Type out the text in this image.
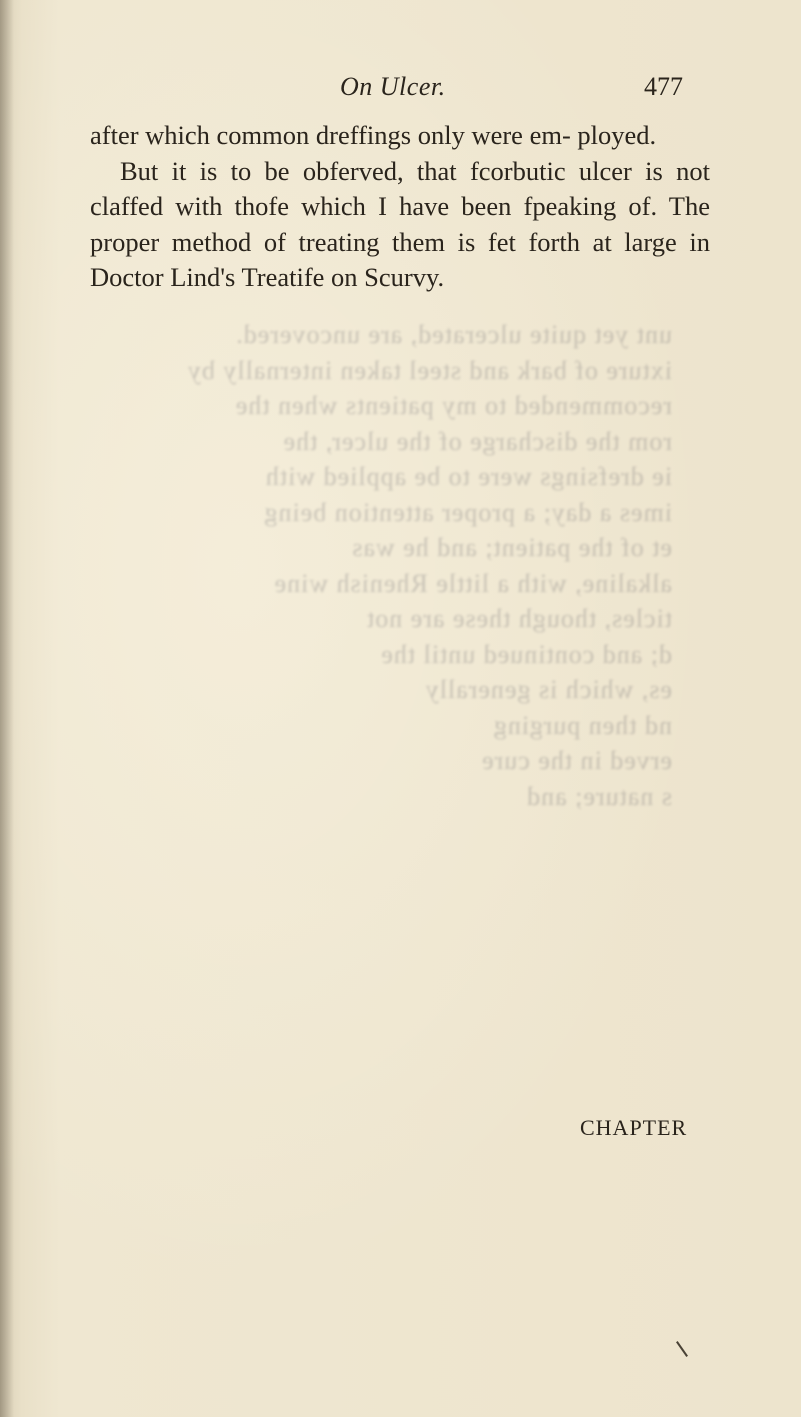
unt yet quite ulcerated, are uncovered.
ixture of bark and steel taken internally by
recommended to my patients when the
rom the discharge of the ulcer, the
ie drefsings were to be applied with
imes a day; a proper attention being
et of the patient; and he was
alkaline, with a little Rhenish wine
ticles, though these are not
d; and continued until the
es, which is generally
nd then purging
erved in the cure
s nature; and
On Ulcer.	477

after which common dreffings only were em- ployed.

But it is to be obferved, that fcorbutic ulcer is not claffed with thofe which I have been fpeaking of. The proper method of treating them is fet forth at large in Doctor Lind's Treatife on Scurvy.

CHAPTER
